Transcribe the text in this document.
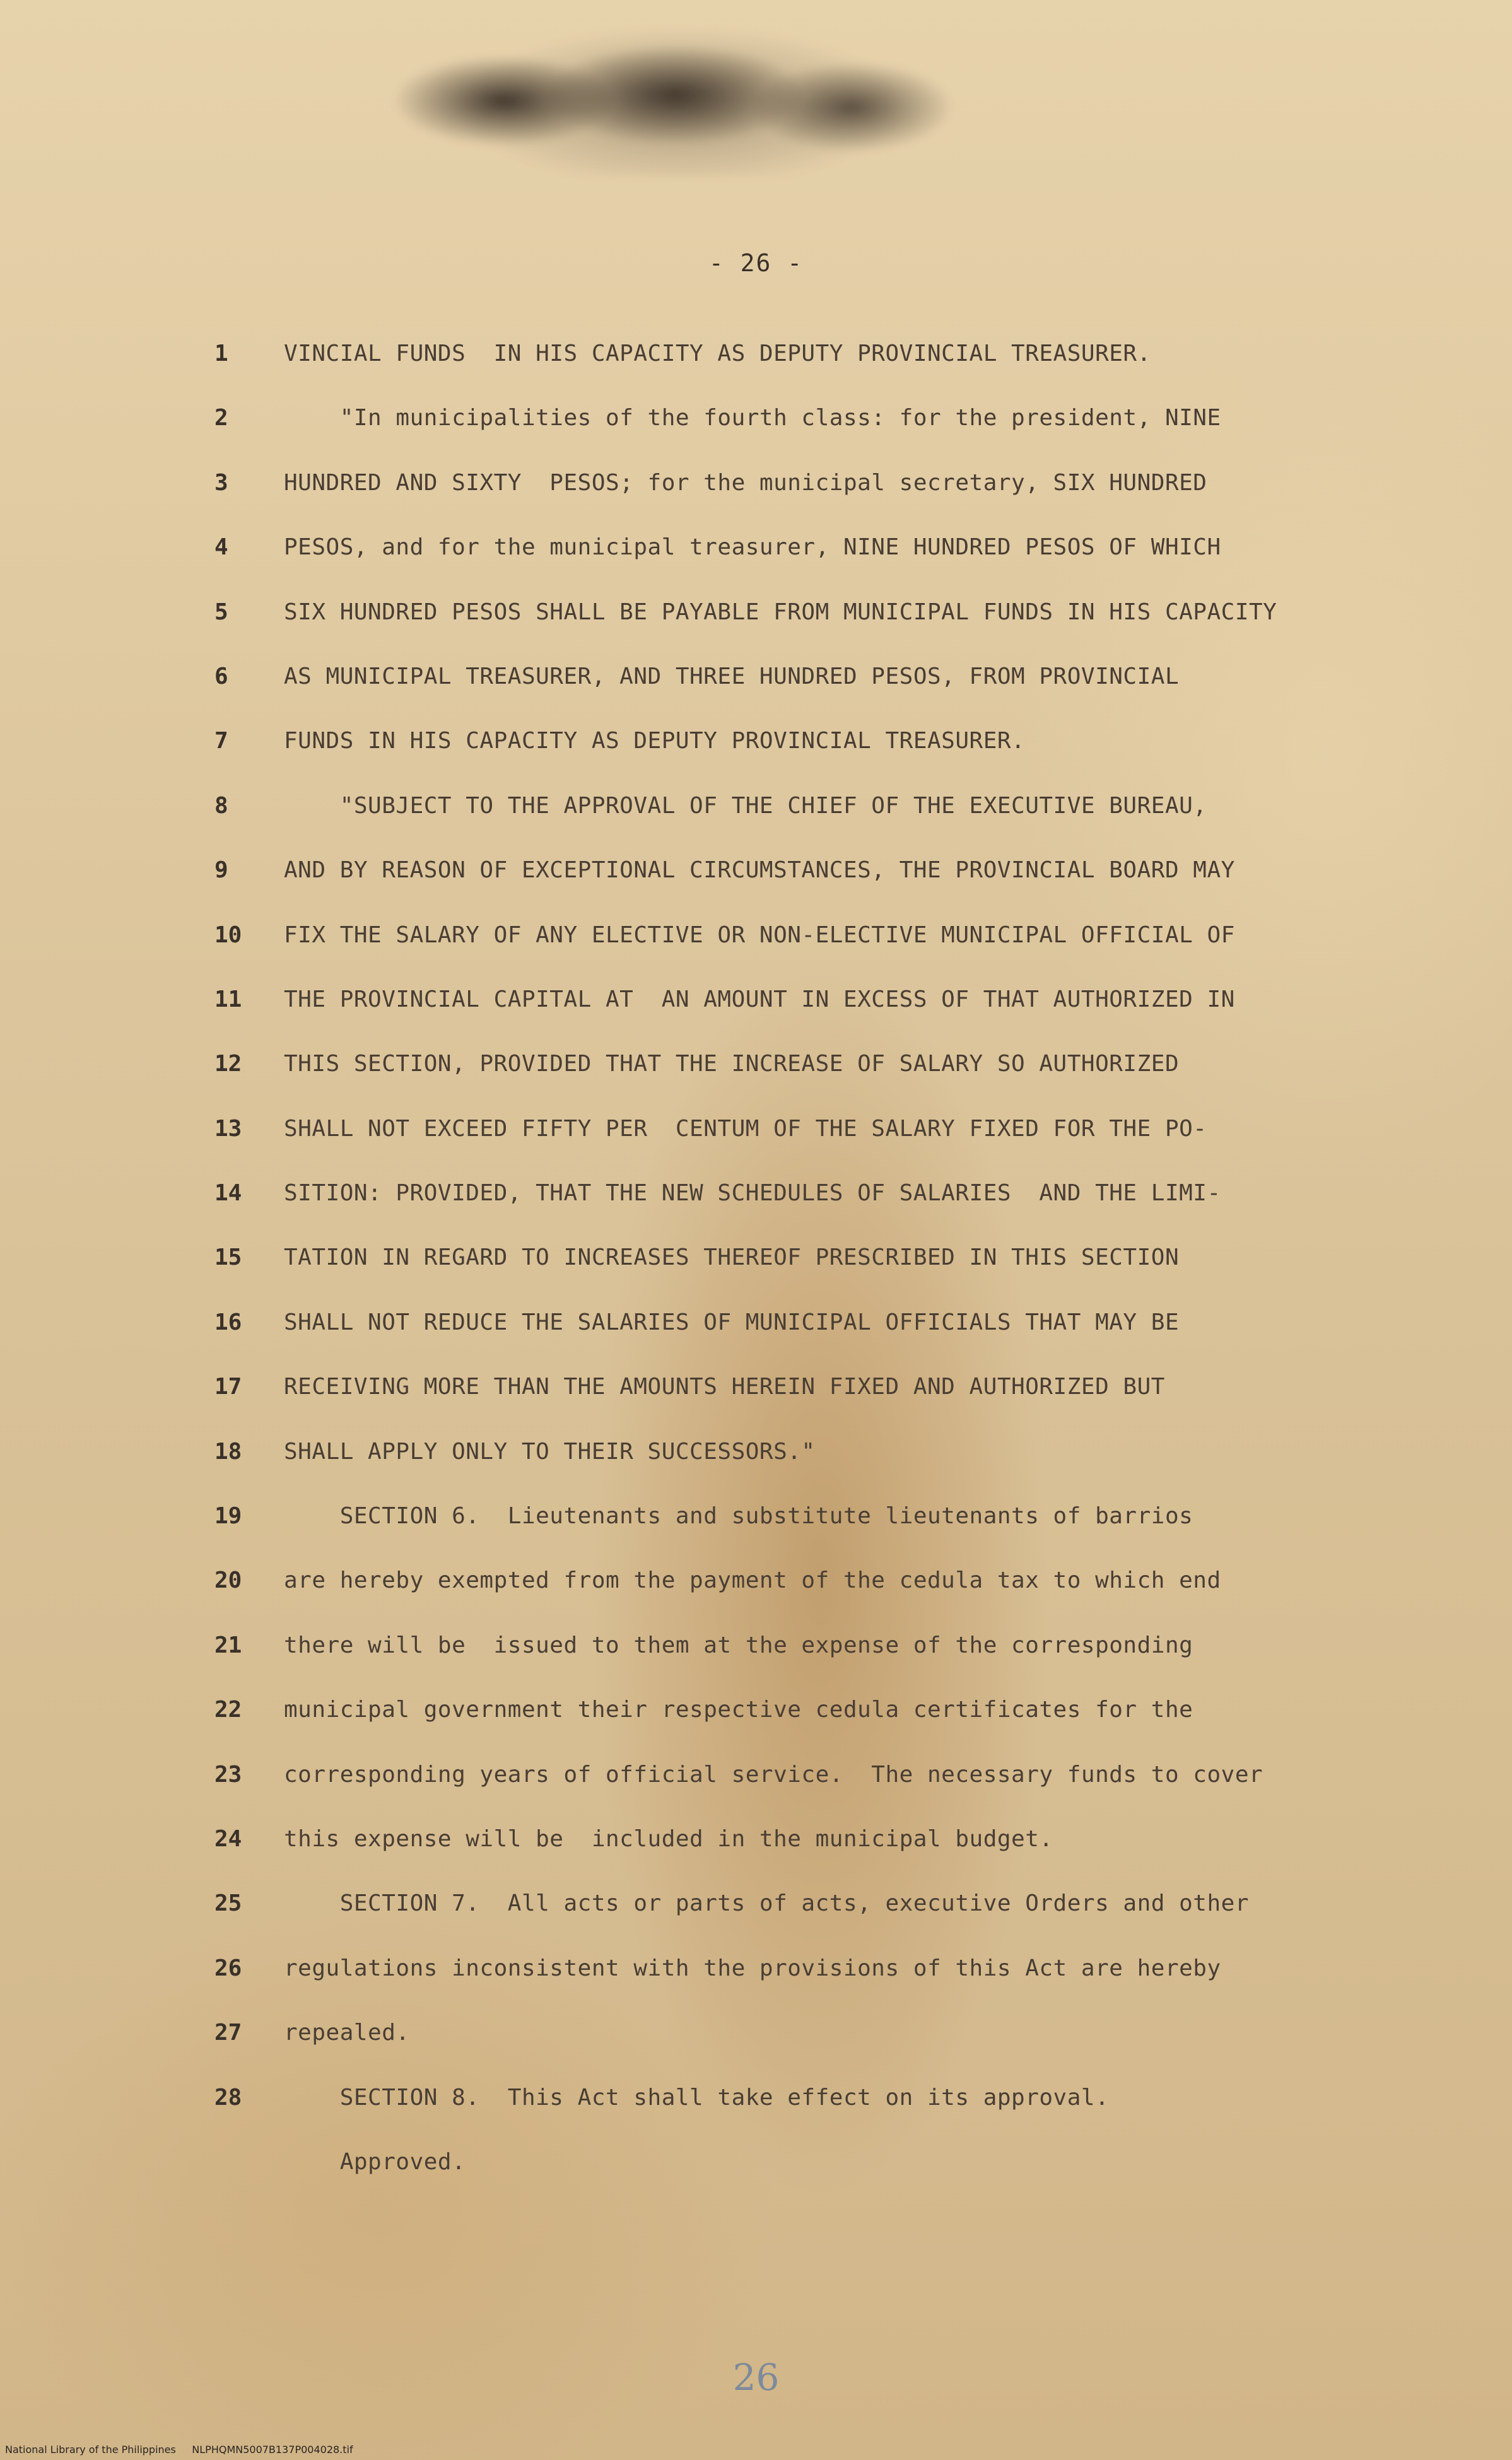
- 26 -
1	VINCIAL FUNDS  IN HIS CAPACITY AS DEPUTY PROVINCIAL TREASURER.
2	"In municipalities of the fourth class: for the president, NINE
3	HUNDRED AND SIXTY  PESOS; for the municipal secretary, SIX HUNDRED
4	PESOS, and for the municipal treasurer, NINE HUNDRED PESOS OF WHICH
5	SIX HUNDRED PESOS SHALL BE PAYABLE FROM MUNICIPAL FUNDS IN HIS CAPACITY
6	AS MUNICIPAL TREASURER, AND THREE HUNDRED PESOS, FROM PROVINCIAL
7	FUNDS IN HIS CAPACITY AS DEPUTY PROVINCIAL TREASURER.
8	"SUBJECT TO THE APPROVAL OF THE CHIEF OF THE EXECUTIVE BUREAU,
9	AND BY REASON OF EXCEPTIONAL CIRCUMSTANCES, THE PROVINCIAL BOARD MAY
10	FIX THE SALARY OF ANY ELECTIVE OR NON-ELECTIVE MUNICIPAL OFFICIAL OF
11	THE PROVINCIAL CAPITAL AT  AN AMOUNT IN EXCESS OF THAT AUTHORIZED IN
12	THIS SECTION, PROVIDED THAT THE INCREASE OF SALARY SO AUTHORIZED
13	SHALL NOT EXCEED FIFTY PER  CENTUM OF THE SALARY FIXED FOR THE PO-
14	SITION: PROVIDED, THAT THE NEW SCHEDULES OF SALARIES  AND THE LIMI-
15	TATION IN REGARD TO INCREASES THEREOF PRESCRIBED IN THIS SECTION
16	SHALL NOT REDUCE THE SALARIES OF MUNICIPAL OFFICIALS THAT MAY BE
17	RECEIVING MORE THAN THE AMOUNTS HEREIN FIXED AND AUTHORIZED BUT
18	SHALL APPLY ONLY TO THEIR SUCCESSORS."
19	SECTION 6.  Lieutenants and substitute lieutenants of barrios
20	are hereby exempted from the payment of the cedula tax to which end
21	there will be  issued to them at the expense of the corresponding
22	municipal government their respective cedula certificates for the
23	corresponding years of official service.  The necessary funds to cover
24	this expense will be  included in the municipal budget.
25	SECTION 7.  All acts or parts of acts, executive Orders and other
26	regulations inconsistent with the provisions of this Act are hereby
27	repealed.
28	SECTION 8.  This Act shall take effect on its approval.
Approved.
26
National Library of the Philippines NLPHQMN5007B137P004028.tif
